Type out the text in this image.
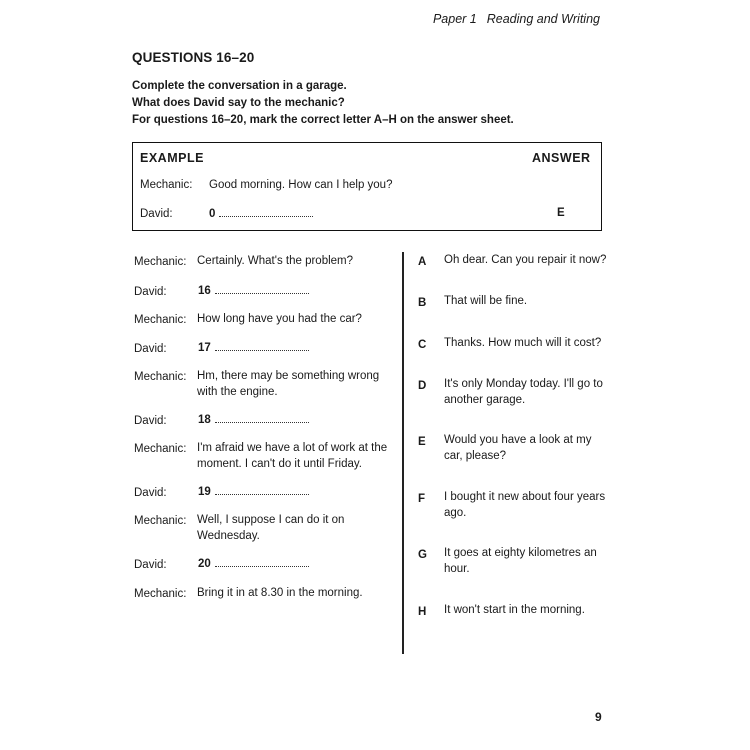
Paper 1 Reading and Writing
QUESTIONS 16–20
Complete the conversation in a garage.
What does David say to the mechanic?
For questions 16–20, mark the correct letter A–H on the answer sheet.
EXAMPLE	ANSWER
Mechanic: Good morning. How can I help you?
David:	0	E
Mechanic: Certainly. What's the problem?
David:	16
Mechanic: How long have you had the car?
David:	17
Mechanic: Hm, there may be something wrong with the engine.
David:	18
Mechanic: I'm afraid we have a lot of work at the moment. I can't do it until Friday.
David:	19
Mechanic: Well, I suppose I can do it on Wednesday.
David:	20
Mechanic: Bring it in at 8.30 in the morning.
A Oh dear. Can you repair it now?
B That will be fine.
C Thanks. How much will it cost?
D It's only Monday today. I'll go to another garage.
E Would you have a look at my car, please?
F I bought it new about four years ago.
G It goes at eighty kilometres an hour.
H It won't start in the morning.
9
